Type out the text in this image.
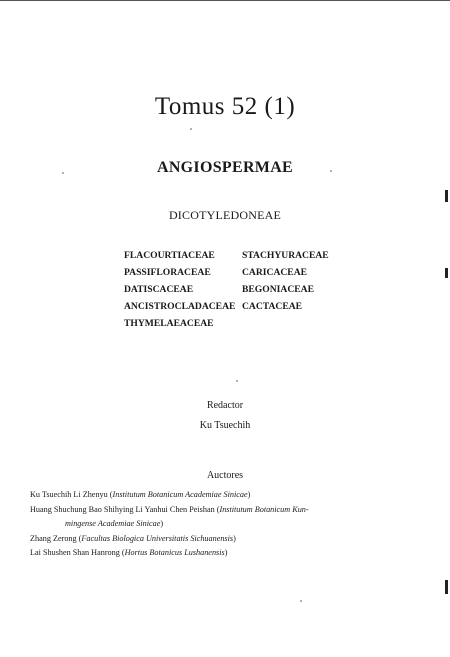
Tomus 52 (1)
ANGIOSPERMAE
DICOTYLEDONEAE
FLACOURTIACEAE
PASSIFLORACEAE
DATISCACEAE
ANCISTROCLADACEAE
THYMELAEACEAE
STACHYURACEAE
CARICACEAE
BEGONIACEAE
CACTACEAE
Redactor
Ku Tsuechih
Auctores
Ku Tsuechih Li Zhenyu (Institutum Botanicum Academiae Sinicae)
Huang Shuchung Bao Shihying Li Yanhui Chen Peishan (Institutum Botanicum Kun-
mingense Academiae Sinicae)
Zhang Zerong (Facultas Biologica Universitatis Sichuanensis)
Lai Shushen Shan Hanrong (Hortus Botanicus Lushanensis)
